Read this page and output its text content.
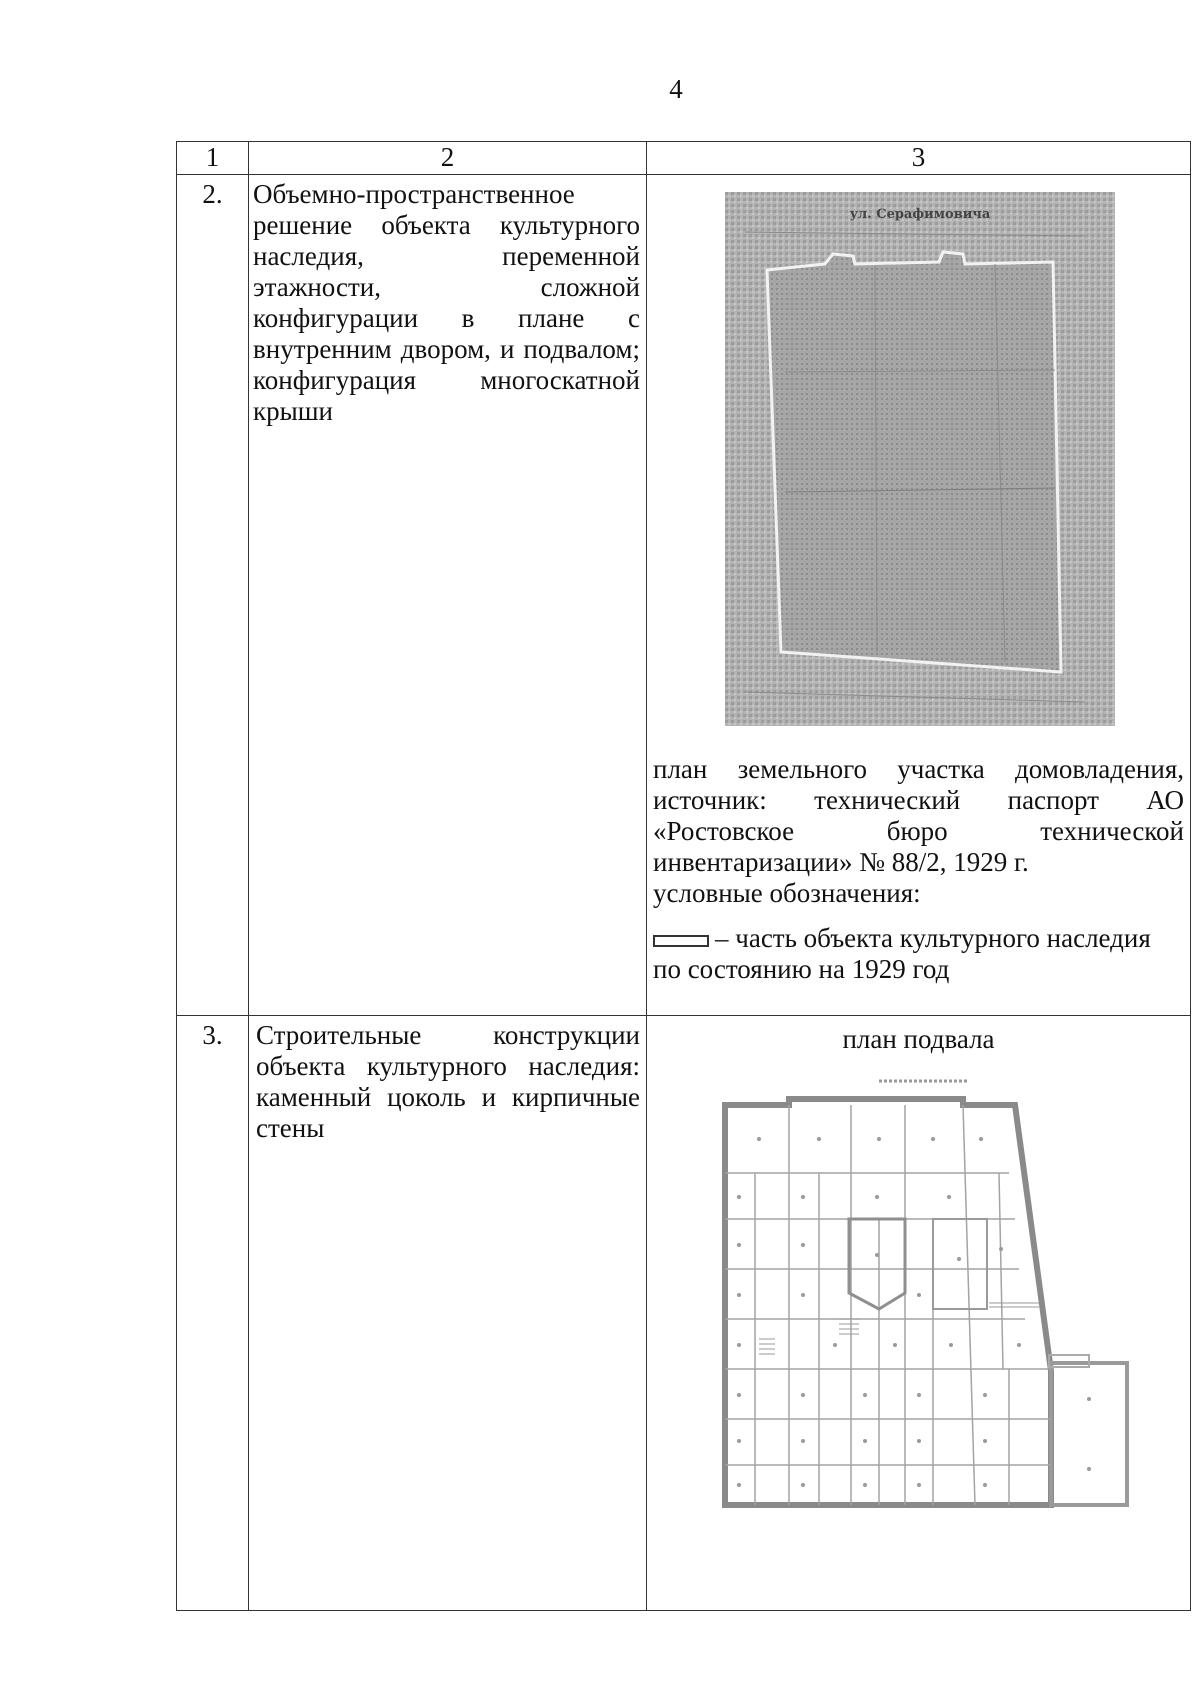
4
1	2	3
2.	Объемно-пространственное решение объекта культурного наследия, переменной этажности, сложной конфигурации в плане с внутренним двором, и подвалом; конфигурация многоскатной крыши	ул. Серафимовича
план земельного участка домовладения, источник: технический паспорт АО «Ростовское бюро технической инвентаризации» № 88/2, 1929 г.
условные обозначения:
– часть объекта культурного наследия по состоянию на 1929 год

3.	Строительные конструкции объекта культурного наследия: каменный цоколь и кирпичные стены	план подвала
